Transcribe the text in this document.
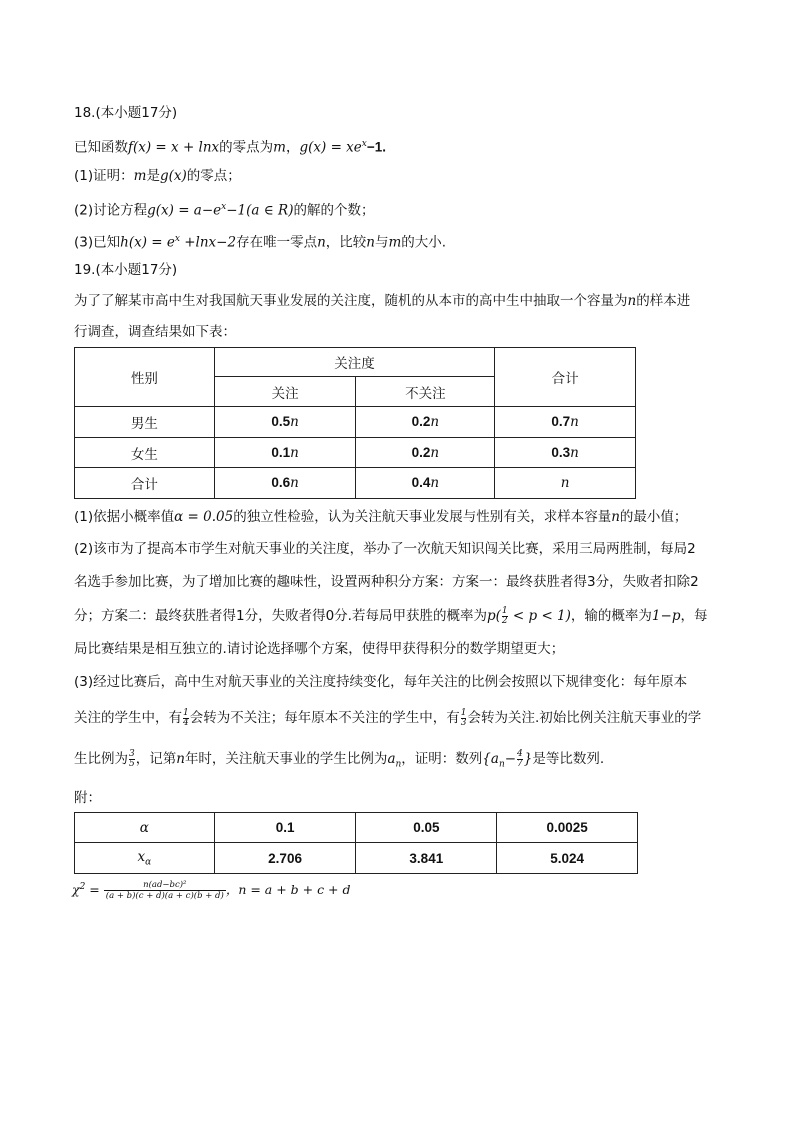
18.(本小题17分)
已知函数f(x) = x + lnx的零点为m，$g(x) = xe^x-1$.
(1)证明：m是g(x)的零点；
(2)讨论方程$g(x) = a-e^x-1(a$ ∈ R)的解的个数；
(3)已知$h(x) = e^x +\ln x-2$存在唯一零点n，比较n与m的大小.
19.(本小题17分)
为了了解某市高中生对我国航天事业发展的关注度，随机的从本市的高中生中抽取一个容量为n的样本进
行调查，调查结果如下表：
性别	关注度		合计
	关注	不关注	
男生	0.5n	0.2n	0.7n
女生	0.1n	0.2n	0.3n
合计	0.6n	0.4n	n
(1)依据小概率值α = 0.05的独立性检验，认为关注航天事业发展与性别有关，求样本容量n的最小值；
(2)该市为了提高本市学生对航天事业的关注度，举办了一次航天知识闯关比赛，采用三局两胜制，每局2
名选手参加比赛，为了增加比赛的趣味性，设置两种积分方案：方案一：最终获胜者得3分，失败者扣除2
分；方案二：最终获胜者得1分，失败者得0分.若每局甲获胜的概率为$p( \frac{1}{2} < p < 1)$，输的概率为1−p，每
局比赛结果是相互独立的.请讨论选择哪个方案，使得甲获得积分的数学期望更大；
(3)经过比赛后，高中生对航天事业的关注度持续变化，每年关注的比例会按照以下规律变化：每年原本
关注的学生中，有 $\frac{1}{4}$ 会转为不关注；每年原本不关注的学生中，有 $\frac{1}{3}$ 会转为关注.初始比例关注航天事业的学
生比例为 $\frac{3}{5}$ ，记第n年时，关注航天事业的学生比例为$a_n$，证明：数列{$a_n- \frac{4}{7}$ }是等比数列.
附：
α	0.1	0.05	0.0025
$x_\alpha$	2.706	3.841	5.024
$\chi^2 = \frac{\text{n(ad−bc)²}}{(a + b)(c + d)(a + c)(b + d)}$ ，n = a + b + c + d
